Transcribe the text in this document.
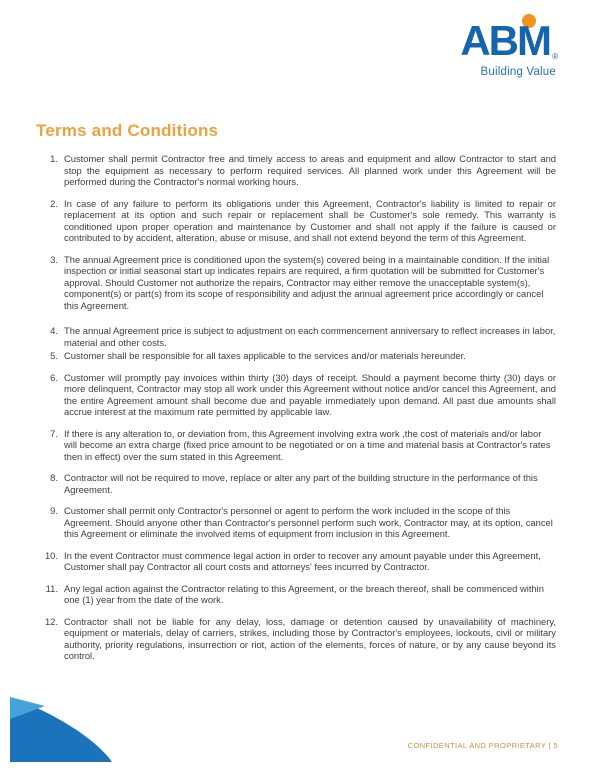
ABM ®
Building Value
Terms and Conditions
1. Customer shall permit Contractor free and timely access to areas and equipment and allow Contractor to start and stop the equipment as necessary to perform required services. All planned work under this Agreement will be performed during the Contractor's normal working hours.
2. In case of any failure to perform its obligations under this Agreement, Contractor's liability is limited to repair or replacement at its option and such repair or replacement shall be Customer's sole remedy. This warranty is conditioned upon proper operation and maintenance by Customer and shall not apply if the failure is caused or contributed to by accident, alteration, abuse or misuse, and shall not extend beyond the term of this Agreement.
3. The annual Agreement price is conditioned upon the system(s) covered being in a maintainable condition. If the initial inspection or initial seasonal start up indicates repairs are required, a firm quotation will be submitted for Customer's approval. Should Customer not authorize the repairs, Contractor may either remove the unacceptable system(s), component(s) or part(s) from its scope of responsibility and adjust the annual agreement price accordingly or cancel this Agreement.
4. The annual Agreement price is subject to adjustment on each commencement anniversary to reflect increases in labor, material and other costs.
5. Customer shall be responsible for all taxes applicable to the services and/or materials hereunder.
6. Customer will promptly pay invoices within thirty (30) days of receipt. Should a payment become thirty (30) days or more delinquent, Contractor may stop all work under this Agreement without notice and/or cancel this Agreement, and the entire Agreement amount shall become due and payable immediately upon demand. All past due amounts shall accrue interest at the maximum rate permitted by applicable law.
7. If there is any alteration to, or deviation from, this Agreement involving extra work ,the cost of materials and/or labor will become an extra charge (fixed price amount to be negotiated or on a time and material basis at Contractor's rates then in effect) over the sum stated in this Agreement.
8. Contractor will not be required to move, replace or alter any part of the building structure in the performance of this Agreement.
9. Customer shall permit only Contractor's personnel or agent to perform the work included in the scope of this Agreement. Should anyone other than Contractor's personnel perform such work, Contractor may, at its option, cancel this Agreement or eliminate the involved items of equipment from inclusion in this Agreement.
10. In the event Contractor must commence legal action in order to recover any amount payable under this Agreement, Customer shall pay Contractor all court costs and attorneys' fees incurred by Contractor.
11. Any legal action against the Contractor relating to this Agreement, or the breach thereof, shall be commenced within one (1) year from the date of the work.
12. Contractor shall not be liable for any delay, loss, damage or detention caused by unavailability of machinery, equipment or materials, delay of carriers, strikes, including those by Contractor's employees, lockouts, civil or military authority, priority regulations, insurrection or riot, action of the elements, forces of nature, or by any cause beyond its control.
CONFIDENTIAL AND PROPRIETARY | 5
